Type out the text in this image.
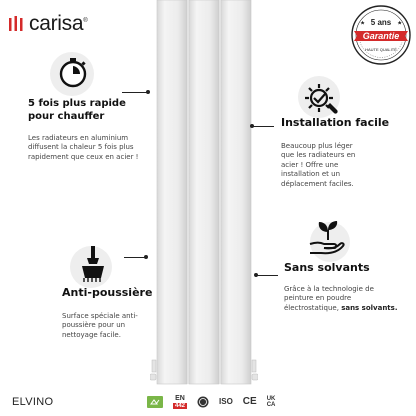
carisa®	5 ans
Garantie
HAUTE QUALITÉ
5 fois plus rapide
pour chauffer
Les radiateurs en aluminium
diffusent la chaleur 5 fois plus
rapidement que ceux en acier !
Installation facile
Beaucoup plus léger
que les radiateurs en
acier ! Offre une
installation et un
déplacement faciles.
Anti-poussière
Surface spéciale anti-
poussière pour un
nettoyage facile.
Sans solvants
Grâce à la technologie de
peinture en poudre
électrostatique, sans solvants.
ELVINO	EN
442	ISO CE UK
CA
